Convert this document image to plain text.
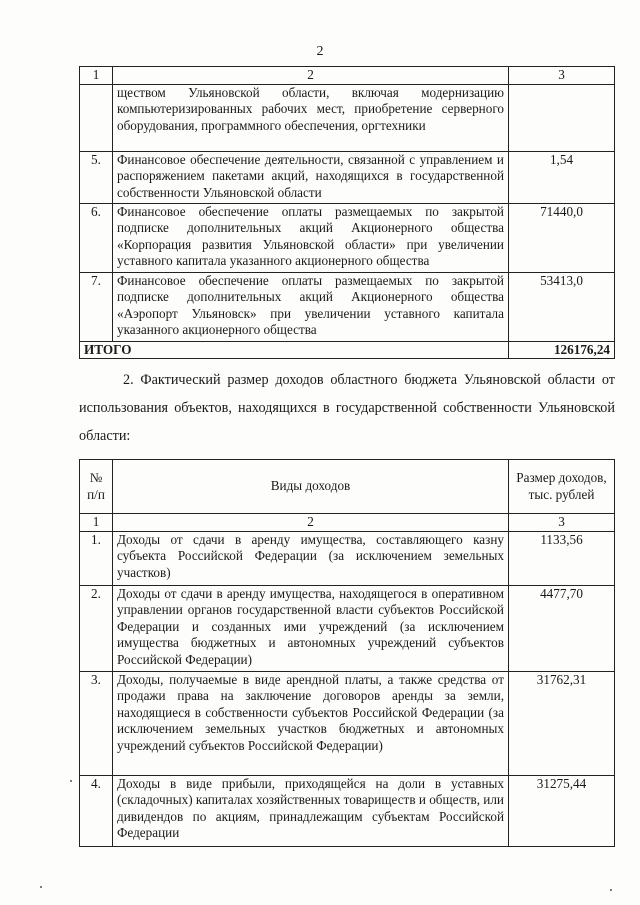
2
1	2	3
	ществом Ульяновской области, включая модернизацию компьютеризированных рабочих мест, приобретение серверного оборудования, программного обеспечения, оргтехники	
5.	Финансовое обеспечение деятельности, связанной с управлением и распоряжением пакетами акций, находящихся в государственной собственности Ульяновской области	1,54
6.	Финансовое обеспечение оплаты размещаемых по закрытой подписке дополнительных акций Акционерного общества «Корпорация развития Ульяновской области» при увеличении уставного капитала указанного акционерного общества	71440,0
7.	Финансовое обеспечение оплаты размещаемых по закрытой подписке дополнительных акций Акционерного общества «Аэропорт Ульяновск» при увеличении уставного капитала указанного акционерного общества	53413,0
ИТОГО		126176,24
2. Фактический размер доходов областного бюджета Ульяновской области от использования объектов, находящихся в государственной собственности Ульяновской области:
№ п/п	Виды доходов	Размер доходов, тыс. рублей
1	2	3
1.	Доходы от сдачи в аренду имущества, составляющего казну субъекта Российской Федерации (за исключением земельных участков)	1133,56
2.	Доходы от сдачи в аренду имущества, находящегося в оперативном управлении органов государственной власти субъектов Российской Федерации и созданных ими учреждений (за исключением имущества бюджетных и автономных учреждений субъектов Российской Федерации)	4477,70
3.	Доходы, получаемые в виде арендной платы, а также средства от продажи права на заключение договоров аренды за земли, находящиеся в собственности субъектов Российской Федерации (за исключением земельных участков бюджетных и автономных учреждений субъектов Российской Федерации)	31762,31
4.	Доходы в виде прибыли, приходящейся на доли в уставных (складочных) капиталах хозяйственных товариществ и обществ, или дивидендов по акциям, принадлежащим субъектам Российской Федерации	31275,44
